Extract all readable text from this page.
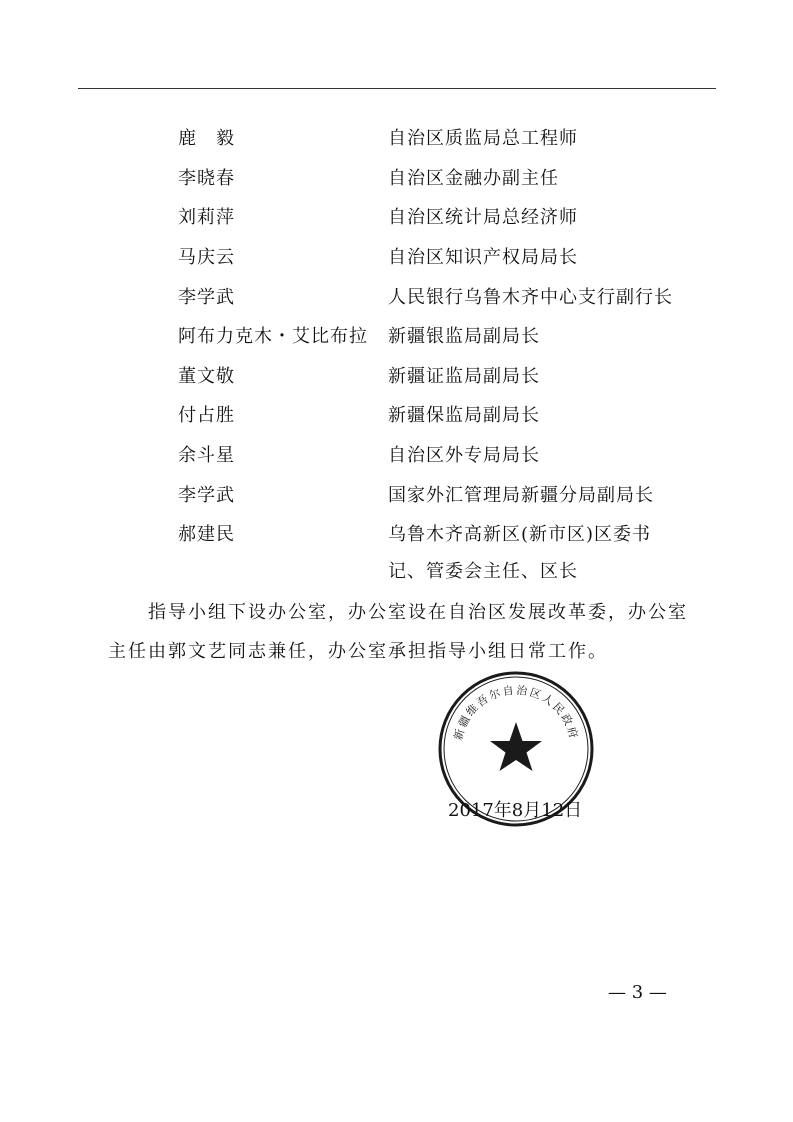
鹿　毅	自治区质监局总工程师
李晓春	自治区金融办副主任
刘莉萍	自治区统计局总经济师
马庆云	自治区知识产权局局长
李学武	人民银行乌鲁木齐中心支行副行长
阿布力克木・艾比布拉 新疆银监局副局长
董文敬	新疆证监局副局长
付占胜	新疆保监局副局长
余斗星	自治区外专局局长
李学武	国家外汇管理局新疆分局副局长
郝建民	乌鲁木齐高新区(新市区)区委书
记、管委会主任、区长
指导小组下设办公室，办公室设在自治区发展改革委，办公室
主任由郭文艺同志兼任，办公室承担指导小组日常工作。
新疆维吾尔自治区人民政府
2017年8月12日
— 3 —
